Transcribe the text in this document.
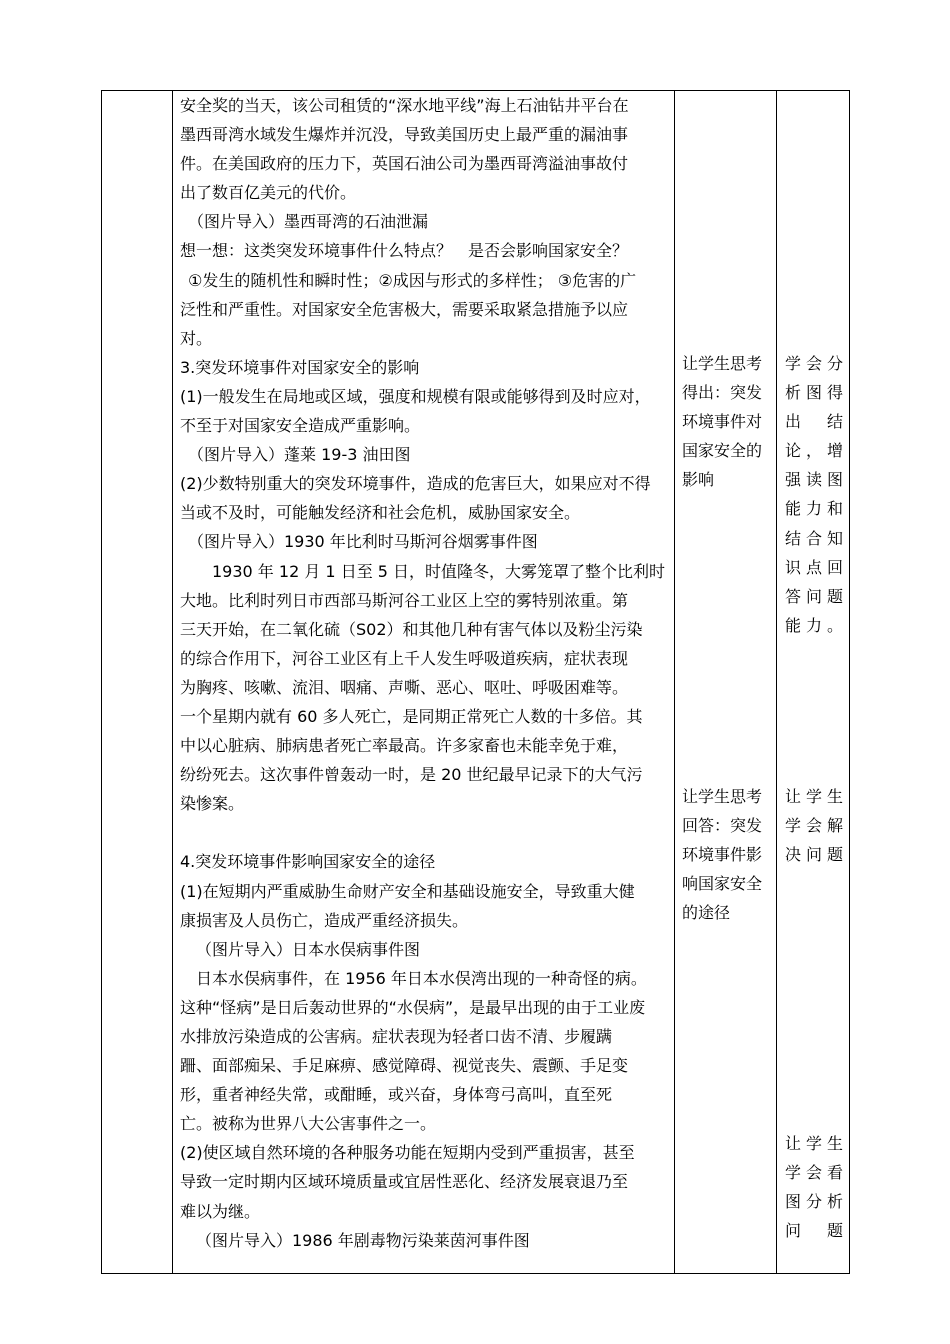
安全奖的当天，该公司租赁的“深水地平线”海上石油钻井平台在

墨西哥湾水域发生爆炸并沉没，导致美国历史上最严重的漏油事

件。在美国政府的压力下，英国石油公司为墨西哥湾溢油事故付

出了数百亿美元的代价。

（图片导入）墨西哥湾的石油泄漏

想一想：这类突发环境事件什么特点？　是否会影响国家安全？

①发生的随机性和瞬时性；②成因与形式的多样性； ③危害的广

泛性和严重性。对国家安全危害极大，需要采取紧急措施予以应

对。

3.突发环境事件对国家安全的影响

(1)一般发生在局地或区域，强度和规模有限或能够得到及时应对，

不至于对国家安全造成严重影响。

（图片导入）蓬莱 19-3 油田图

(2)少数特别重大的突发环境事件，造成的危害巨大，如果应对不得

当或不及时，可能触发经济和社会危机，威胁国家安全。

（图片导入）1930 年比利时马斯河谷烟雾事件图

1930 年 12 月 1 日至 5 日，时值隆冬，大雾笼罩了整个比利时

大地。比利时列日市西部马斯河谷工业区上空的雾特别浓重。第

三天开始，在二氧化硫（S02）和其他几种有害气体以及粉尘污染

的综合作用下，河谷工业区有上千人发生呼吸道疾病，症状表现

为胸疼、咳嗽、流泪、咽痛、声嘶、恶心、呕吐、呼吸困难等。

一个星期内就有 60 多人死亡，是同期正常死亡人数的十多倍。其

中以心脏病、肺病患者死亡率最高。许多家畜也未能幸免于难，

纷纷死去。这次事件曾轰动一时，是 20 世纪最早记录下的大气污

染惨案。

4.突发环境事件影响国家安全的途径

(1)在短期内严重威胁生命财产安全和基础设施安全，导致重大健

康损害及人员伤亡，造成严重经济损失。

（图片导入）日本水俣病事件图

日本水俣病事件，在 1956 年日本水俣湾出现的一种奇怪的病。

这种“怪病”是日后轰动世界的“水俣病”，是最早出现的由于工业废

水排放污染造成的公害病。症状表现为轻者口齿不清、步履蹒

跚、面部痴呆、手足麻痹、感觉障碍、视觉丧失、震颤、手足变

形，重者神经失常，或酣睡，或兴奋，身体弯弓高叫，直至死

亡。被称为世界八大公害事件之一。

(2)使区域自然环境的各种服务功能在短期内受到严重损害，甚至

导致一定时期内区域环境质量或宜居性恶化、经济发展衰退乃至

难以为继。

（图片导入）1986 年剧毒物污染莱茵河事件图

让学生思考
得出：突发
环境事件对
国家安全的
影响
让学生思考
回答：突发
环境事件影
响国家安全
的途径
学会分
析图得
出 结
论，增
强读图
能力和
结合知
识点回
答问题
能力。
让学生
学会解
决问题
让学生
学会看
图分析
问题
